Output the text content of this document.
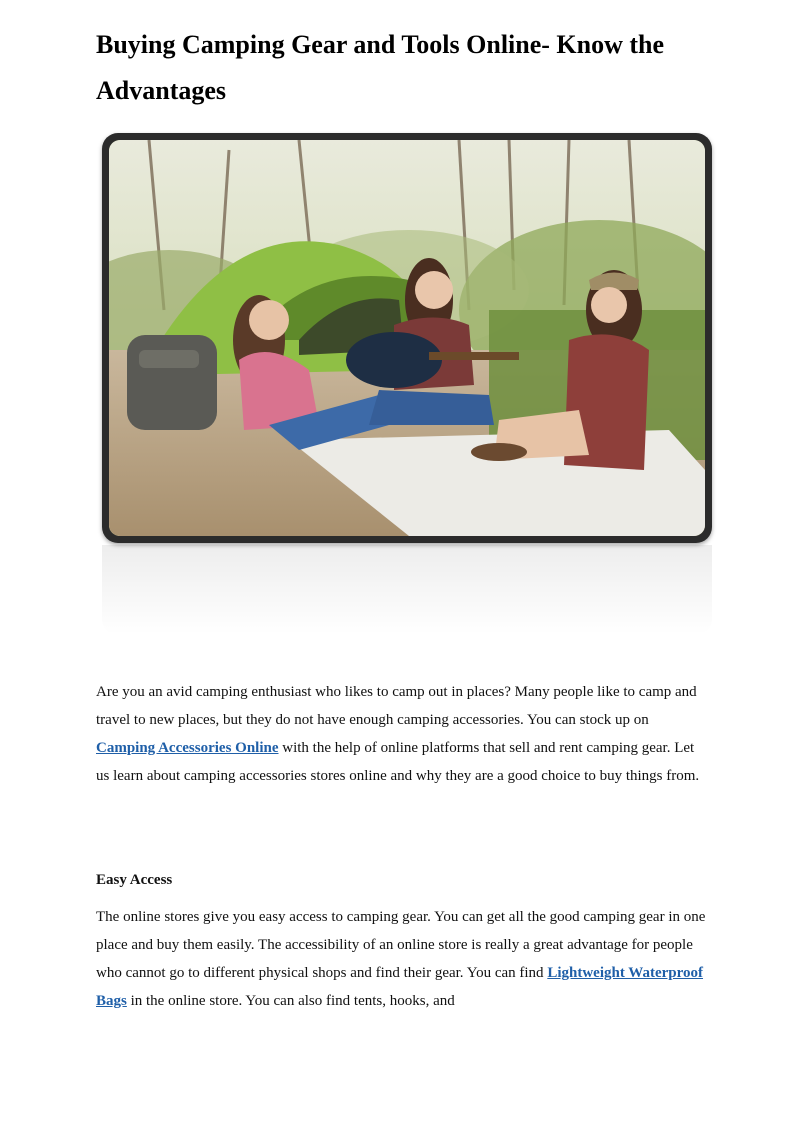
Buying Camping Gear and Tools Online- Know the Advantages

Are you an avid camping enthusiast who likes to camp out in places? Many people like to camp and travel to new places, but they do not have enough camping accessories. You can stock up on Camping Accessories Online with the help of online platforms that sell and rent camping gear. Let us learn about camping accessories stores online and why they are a good choice to buy things from.

Easy Access

The online stores give you easy access to camping gear. You can get all the good camping gear in one place and buy them easily. The accessibility of an online store is really a great advantage for people who cannot go to different physical shops and find their gear. You can find Lightweight Waterproof Bags in the online store. You can also find tents, hooks, and
